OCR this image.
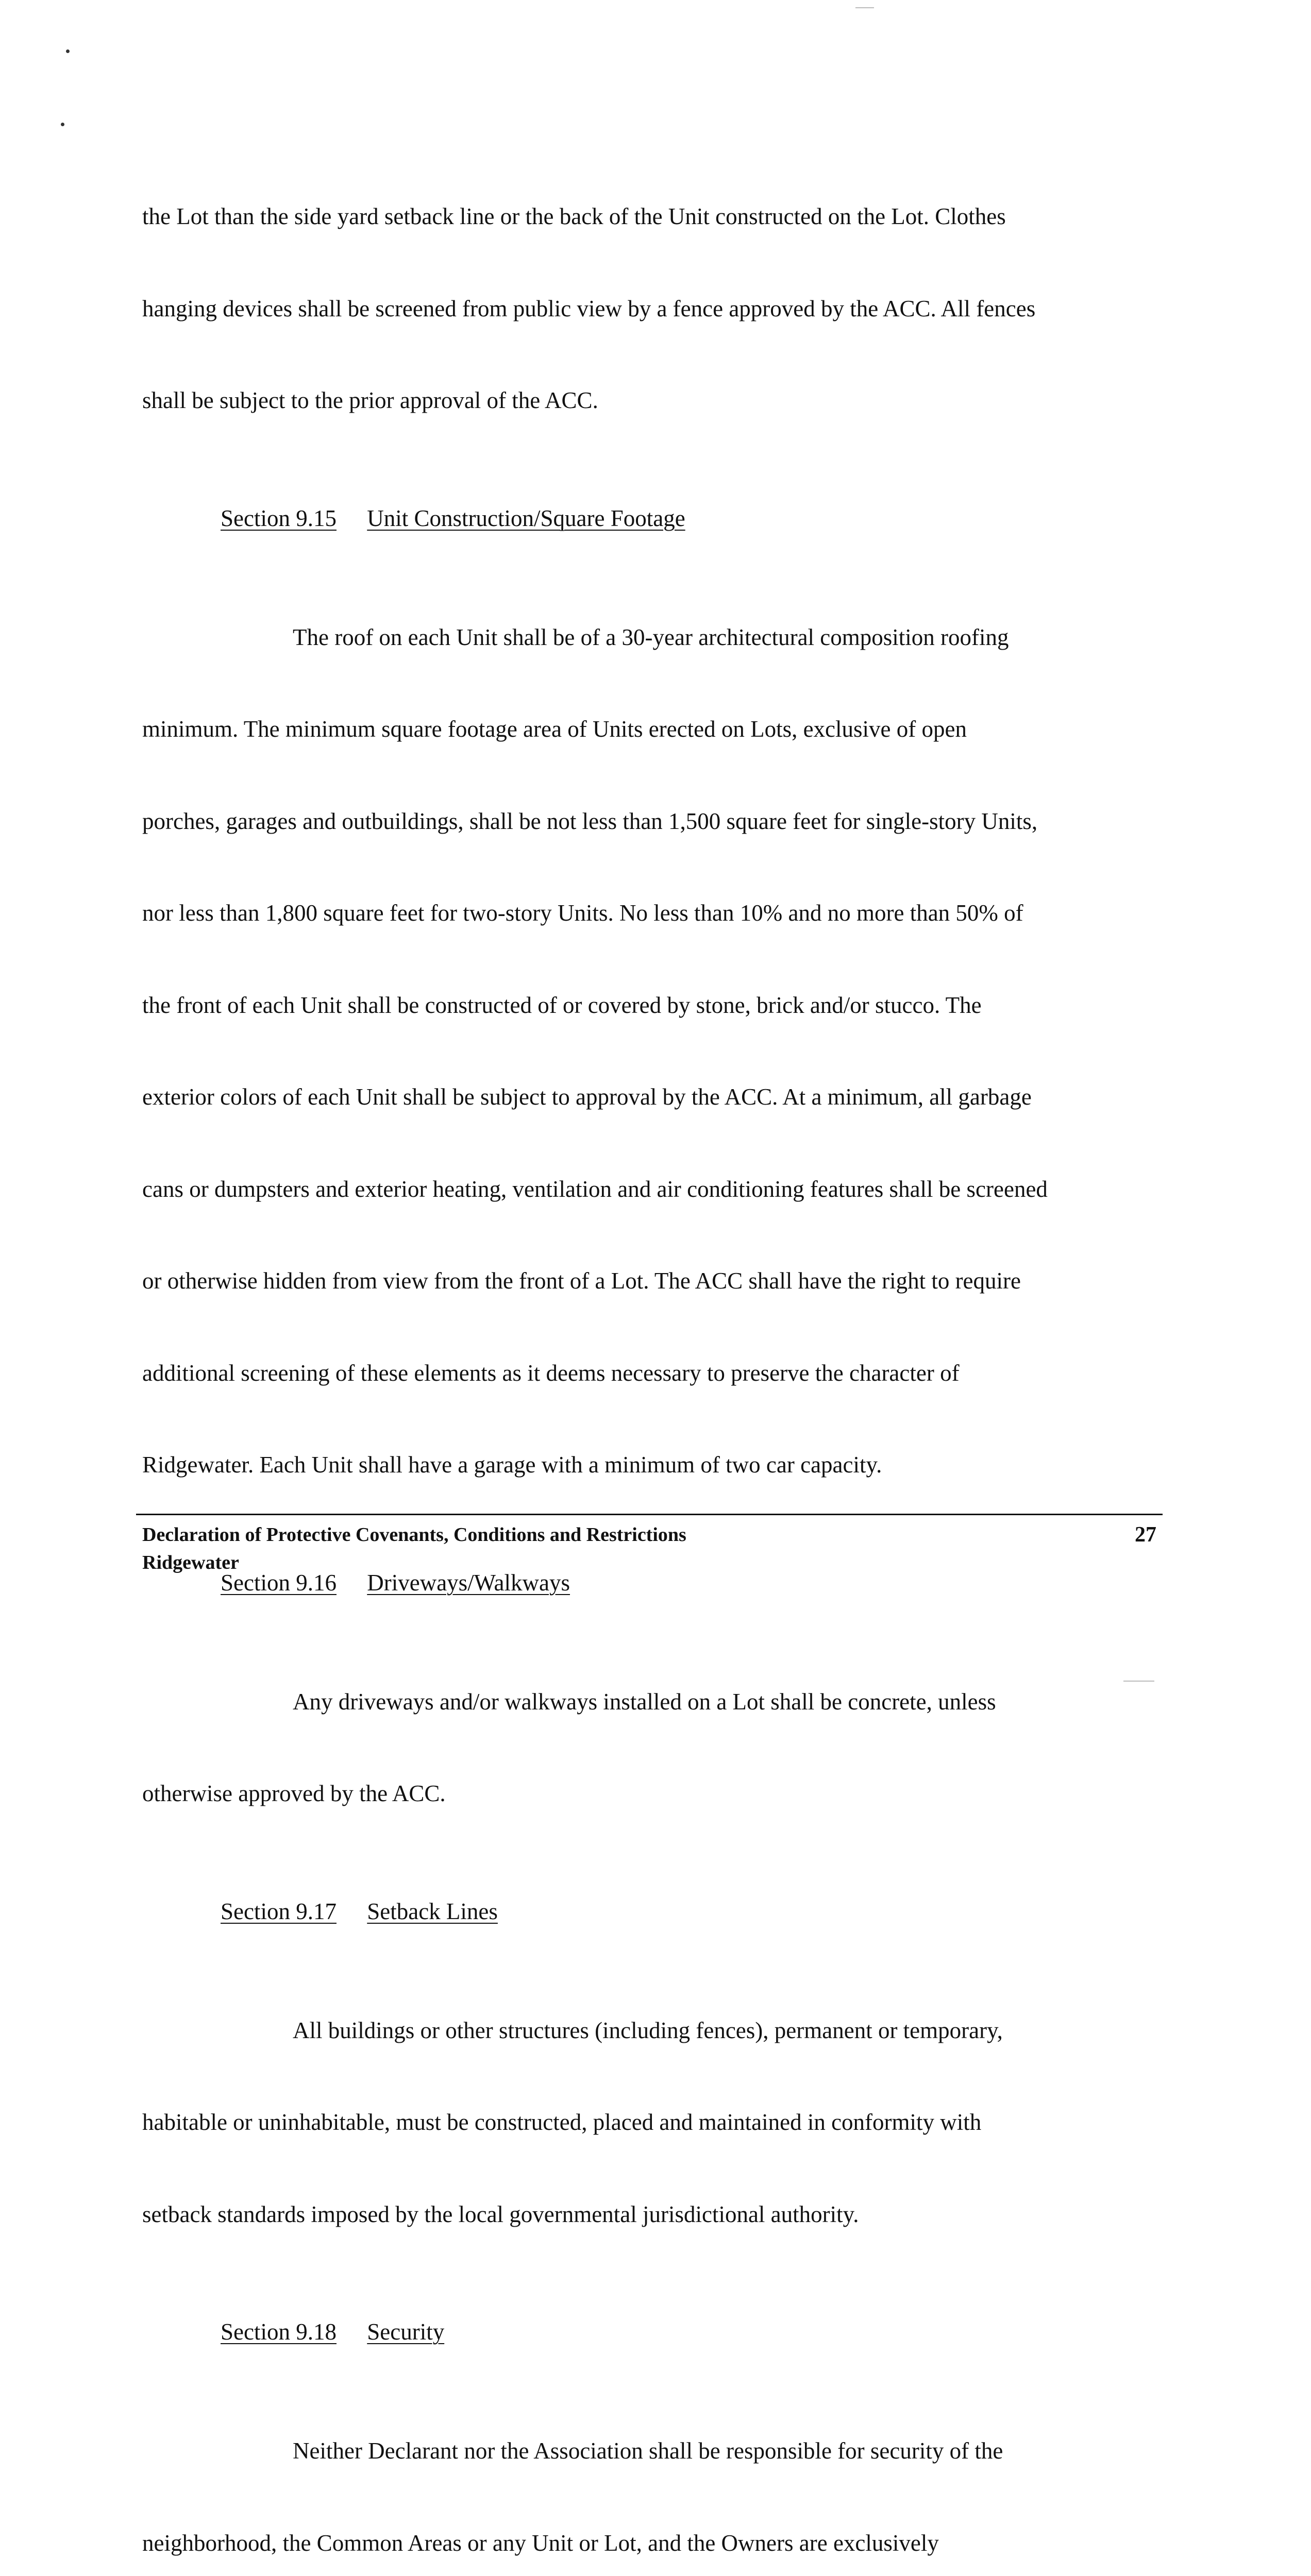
the Lot than the side yard setback line or the back of the Unit constructed on the Lot. Clothes

hanging devices shall be screened from public view by a fence approved by the ACC. All fences

shall be subject to the prior approval of the ACC.

Section 9.15 Unit Construction/Square Footage

The roof on each Unit shall be of a 30-year architectural composition roofing

minimum. The minimum square footage area of Units erected on Lots, exclusive of open

porches, garages and outbuildings, shall be not less than 1,500 square feet for single-story Units,

nor less than 1,800 square feet for two-story Units. No less than 10% and no more than 50% of

the front of each Unit shall be constructed of or covered by stone, brick and/or stucco. The

exterior colors of each Unit shall be subject to approval by the ACC. At a minimum, all garbage

cans or dumpsters and exterior heating, ventilation and air conditioning features shall be screened

or otherwise hidden from view from the front of a Lot. The ACC shall have the right to require

additional screening of these elements as it deems necessary to preserve the character of

Ridgewater. Each Unit shall have a garage with a minimum of two car capacity.

Section 9.16 Driveways/Walkways

Any driveways and/or walkways installed on a Lot shall be concrete, unless

otherwise approved by the ACC.

Section 9.17 Setback Lines

All buildings or other structures (including fences), permanent or temporary,

habitable or uninhabitable, must be constructed, placed and maintained in conformity with

setback standards imposed by the local governmental jurisdictional authority.

Section 9.18 Security

Neither Declarant nor the Association shall be responsible for security of the

neighborhood, the Common Areas or any Unit or Lot, and the Owners are exclusively

Declaration of Protective Covenants, Conditions and Restrictions
Ridgewater
27
